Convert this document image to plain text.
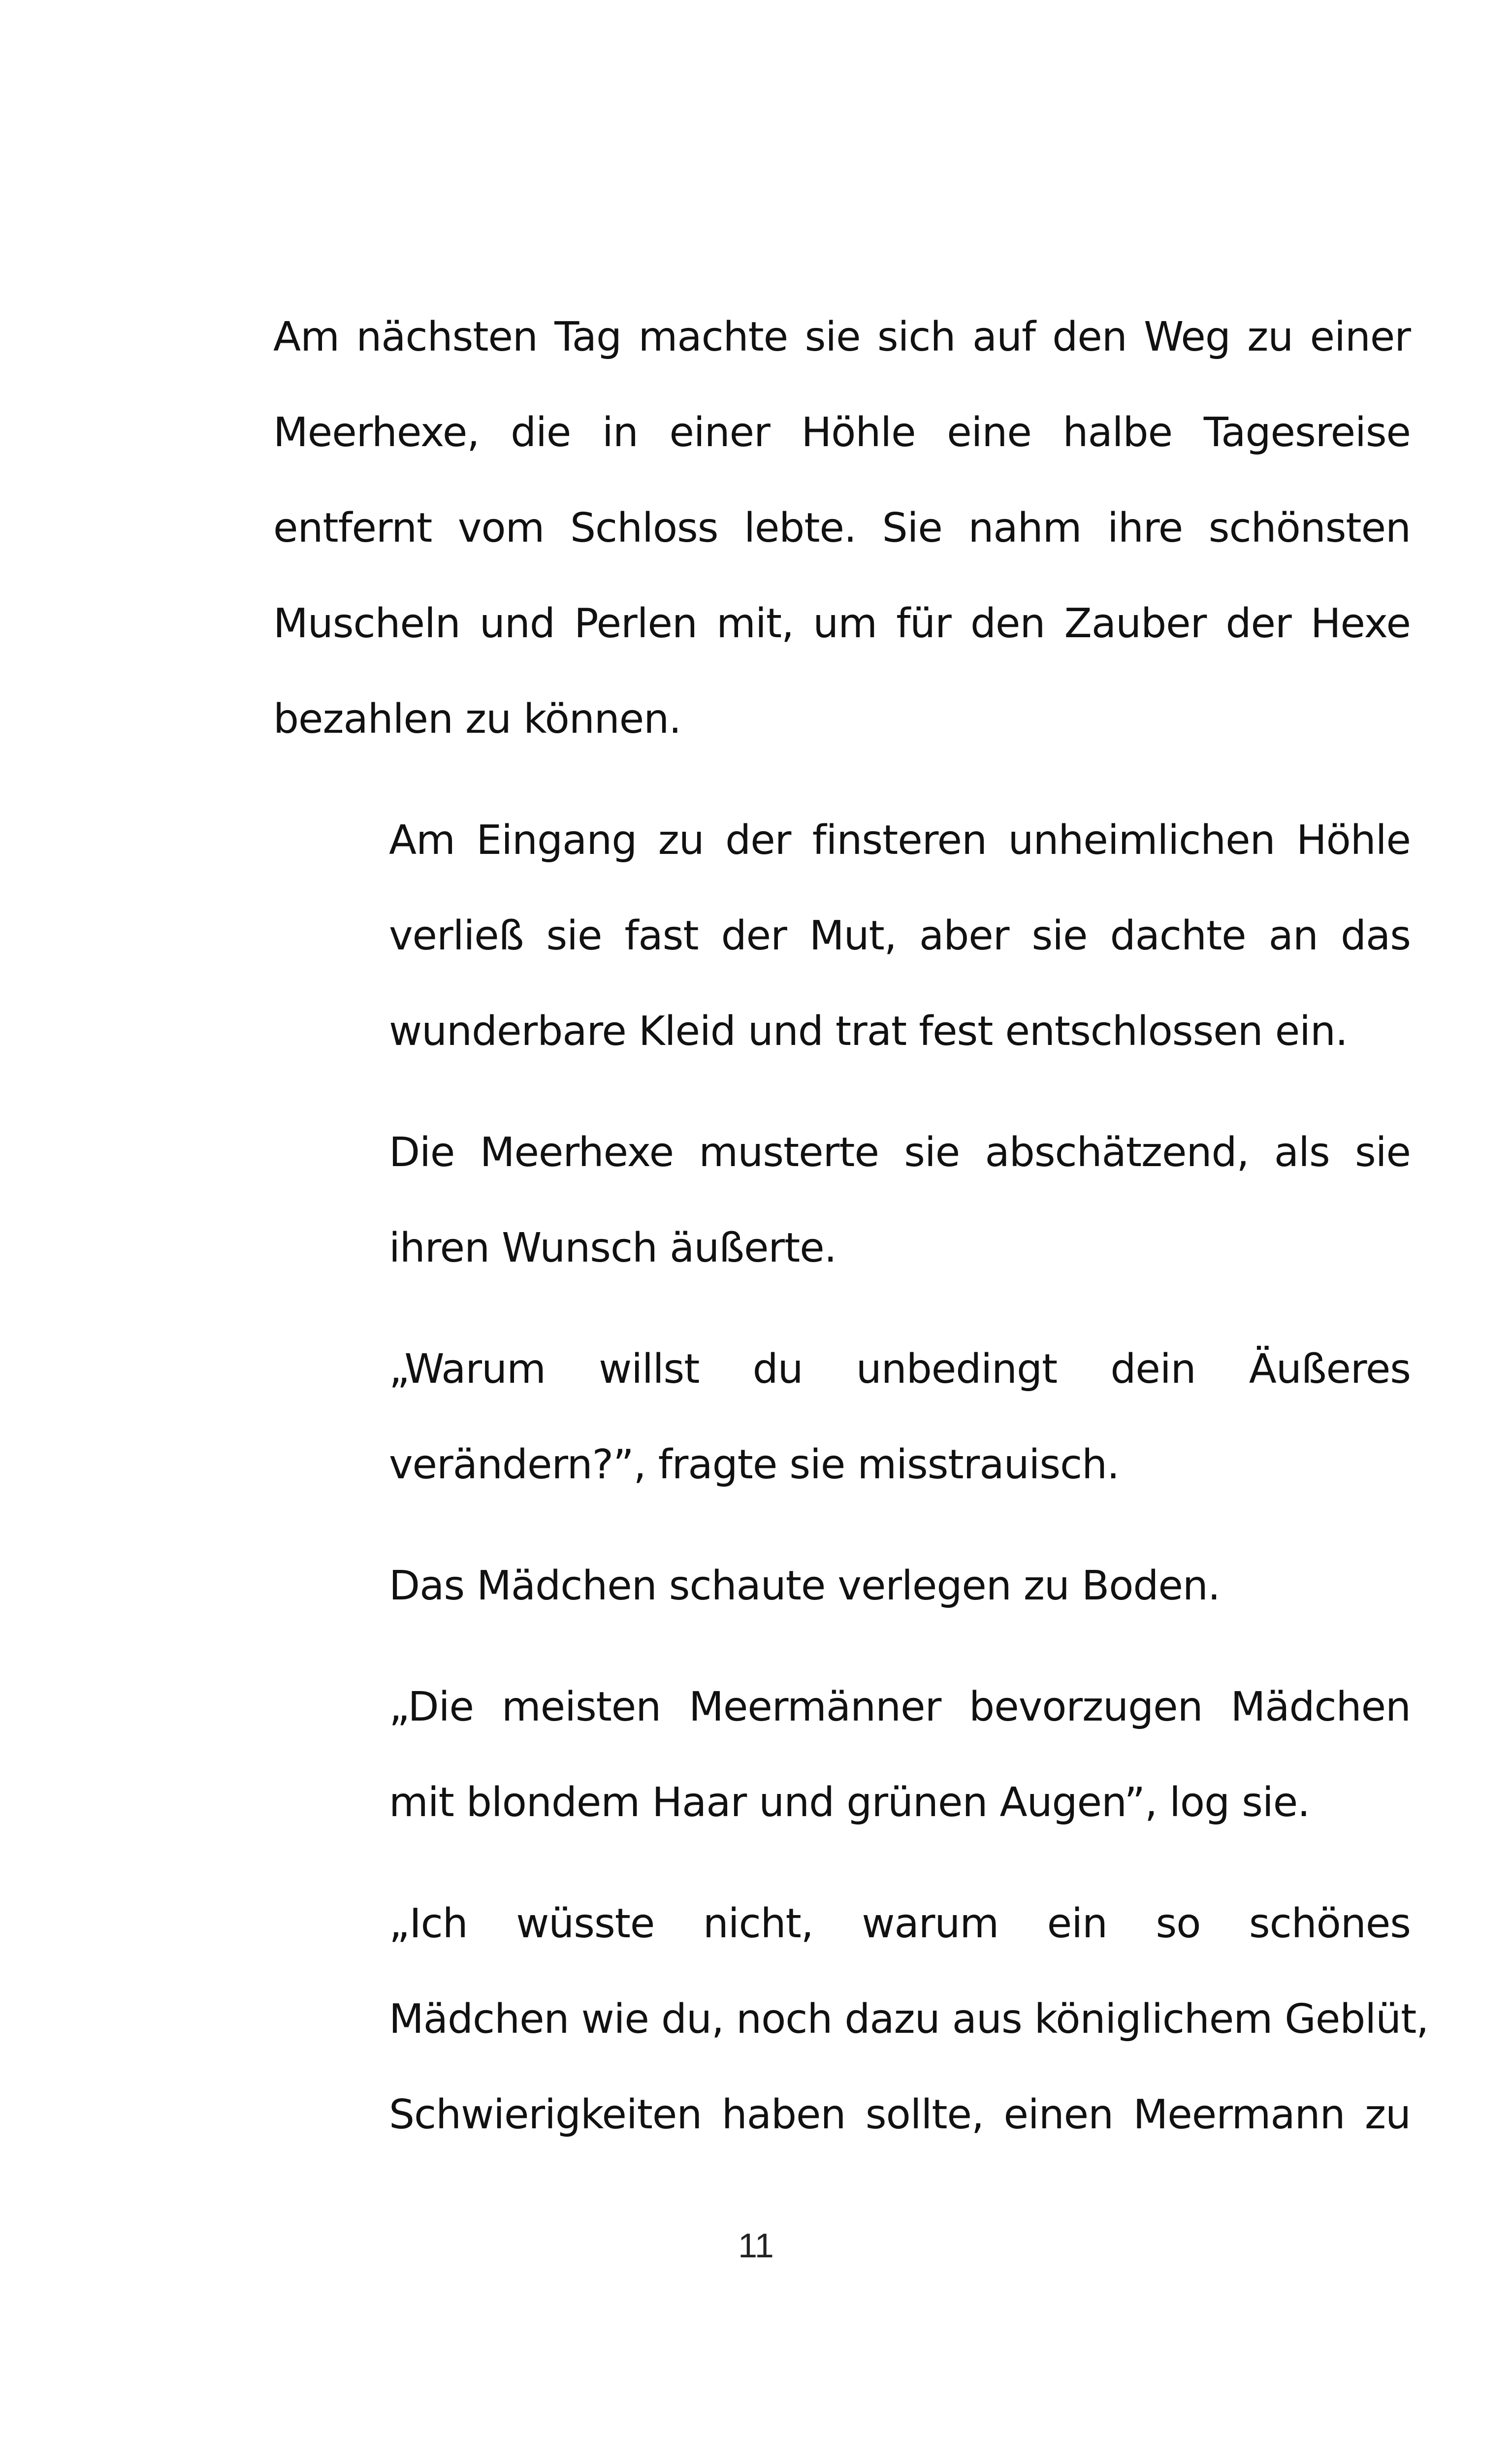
Am nächsten Tag machte sie sich auf den Weg zu einer
Meerhexe, die in einer Höhle eine halbe Tagesreise
entfernt vom Schloss lebte. Sie nahm ihre schönsten
Muscheln und Perlen mit, um für den Zauber der Hexe
bezahlen zu können.
Am Eingang zu der finsteren unheimlichen Höhle
verließ sie fast der Mut, aber sie dachte an das
wunderbare Kleid und trat fest entschlossen ein.
Die Meerhexe musterte sie abschätzend, als sie
ihren Wunsch äußerte.
„Warum willst du unbedingt dein Äußeres
verändern?”, fragte sie misstrauisch.
Das Mädchen schaute verlegen zu Boden.
„Die meisten Meermänner bevorzugen Mädchen
mit blondem Haar und grünen Augen”, log sie.
„Ich wüsste nicht, warum ein so schönes
Mädchen wie du, noch dazu aus königlichem Geblüt,
Schwierigkeiten haben sollte, einen Meermann zu
11
